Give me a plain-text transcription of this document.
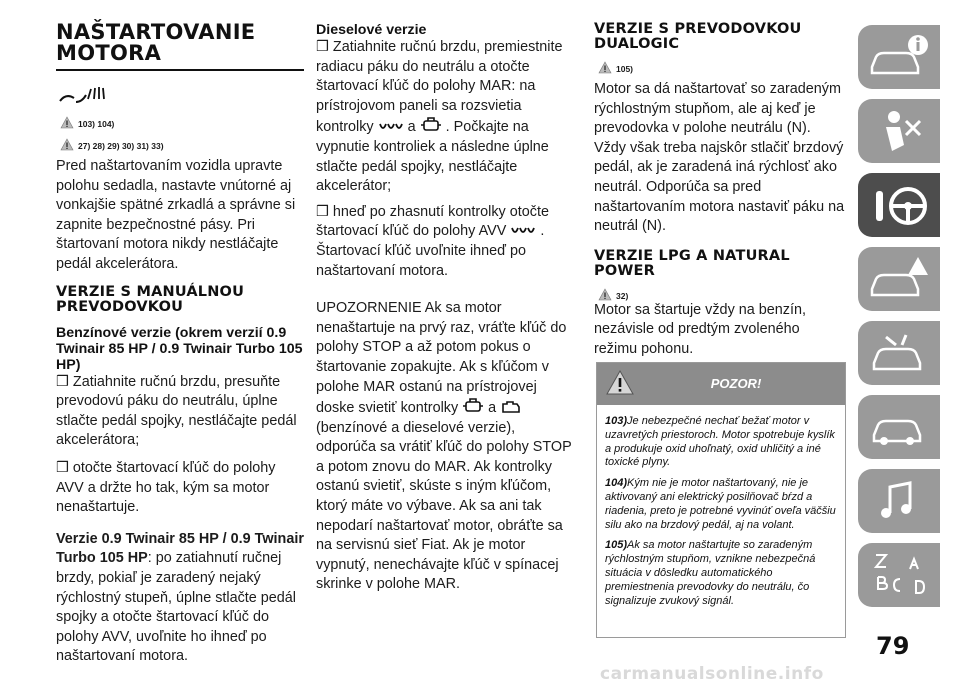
NAŠTARTOVANIE MOTORA
103) 104)
27) 28) 29) 30) 31) 33)
Pred naštartovaním vozidla upravte polohu sedadla, nastavte vnútorné aj vonkajšie spätné zrkadlá a správne si zapnite bezpečnostné pásy. Pri štartovaní motora nikdy nestláčajte pedál akcelerátora.
VERZIE S MANUÁLNOU PREVODOVKOU
Benzínové verzie (okrem verzií 0.9 Twinair 85 HP / 0.9 Twinair Turbo 105 HP)
❒ Zatiahnite ručnú brzdu, presuňte prevodovú páku do neutrálu, úplne stlačte pedál spojky, nestláčajte pedál akcelerátora;
❒ otočte štartovací kľúč do polohy AVV a držte ho tak, kým sa motor nenaštartuje.
Verzie 0.9 Twinair 85 HP / 0.9 Twinair Turbo 105 HP: po zatiahnutí ručnej brzdy, pokiaľ je zaradený nejaký rýchlostný stupeň, úplne stlačte pedál spojky a otočte štartovací kľúč do polohy AVV, uvoľnite ho ihneď po naštartovaní motora.
Dieselové verzie
❒ Zatiahnite ručnú brzdu, premiestnite radiacu páku do neutrálu a otočte štartovací kľúč do polohy MAR: na prístrojovom paneli sa rozsvietia kontrolky a . Počkajte na vypnutie kontroliek a následne úplne stlačte pedál spojky, nestláčajte akcelerátor;
❒ hneď po zhasnutí kontrolky otočte štartovací kľúč do polohy AVV . Štartovací kľúč uvoľnite ihneď po naštartovaní motora.
UPOZORNENIE Ak sa motor nenaštartuje na prvý raz, vráťte kľúč do polohy STOP a až potom pokus o štartovanie zopakujte. Ak s kľúčom v polohe MAR ostanú na prístrojovej doske svietiť kontrolky a  (benzínové a dieselové verzie), odporúča sa vrátiť kľúč do polohy STOP a potom znovu do MAR. Ak kontrolky ostanú svietiť, skúste s iným kľúčom, ktorý máte vo výbave. Ak sa ani tak nepodarí naštartovať motor, obráťte sa na servisnú sieť Fiat. Ak je motor vypnutý, nenechávajte kľúč v spínacej skrinke v polohe MAR.
VERZIE S PREVODOVKOU DUALOGIC
105)
Motor sa dá naštartovať so zaradeným rýchlostným stupňom, ale aj keď je prevodovka v polohe neutrálu (N). Vždy však treba najskôr stlačiť brzdový pedál, ak je zaradená iná rýchlosť ako neutrál. Odporúča sa pred naštartovaním motora nastaviť páku na neutrál (N).
VERZIE LPG A NATURAL POWER
32)
Motor sa štartuje vždy na benzín, nezávisle od predtým zvoleného režimu pohonu.
POZOR!
103)Je nebezpečné nechať bežať motor v uzavretých priestoroch. Motor spotrebuje kyslík a produkuje oxid uhoľnatý, oxid uhličitý a iné toxické plyny.
104)Kým nie je motor naštartovaný, nie je aktivovaný ani elektrický posilňovač bŕzd a riadenia, preto je potrebné vyvinúť oveľa väčšiu silu ako na brzdový pedál, aj na volant.
105)Ak sa motor naštartujte so zaradeným rýchlostným stupňom, vznikne nebezpečná situácia v dôsledku automatického premiestnenia prevodovky do neutrálu, čo signalizuje zvukový signál.
79
carmanualsonline.info
